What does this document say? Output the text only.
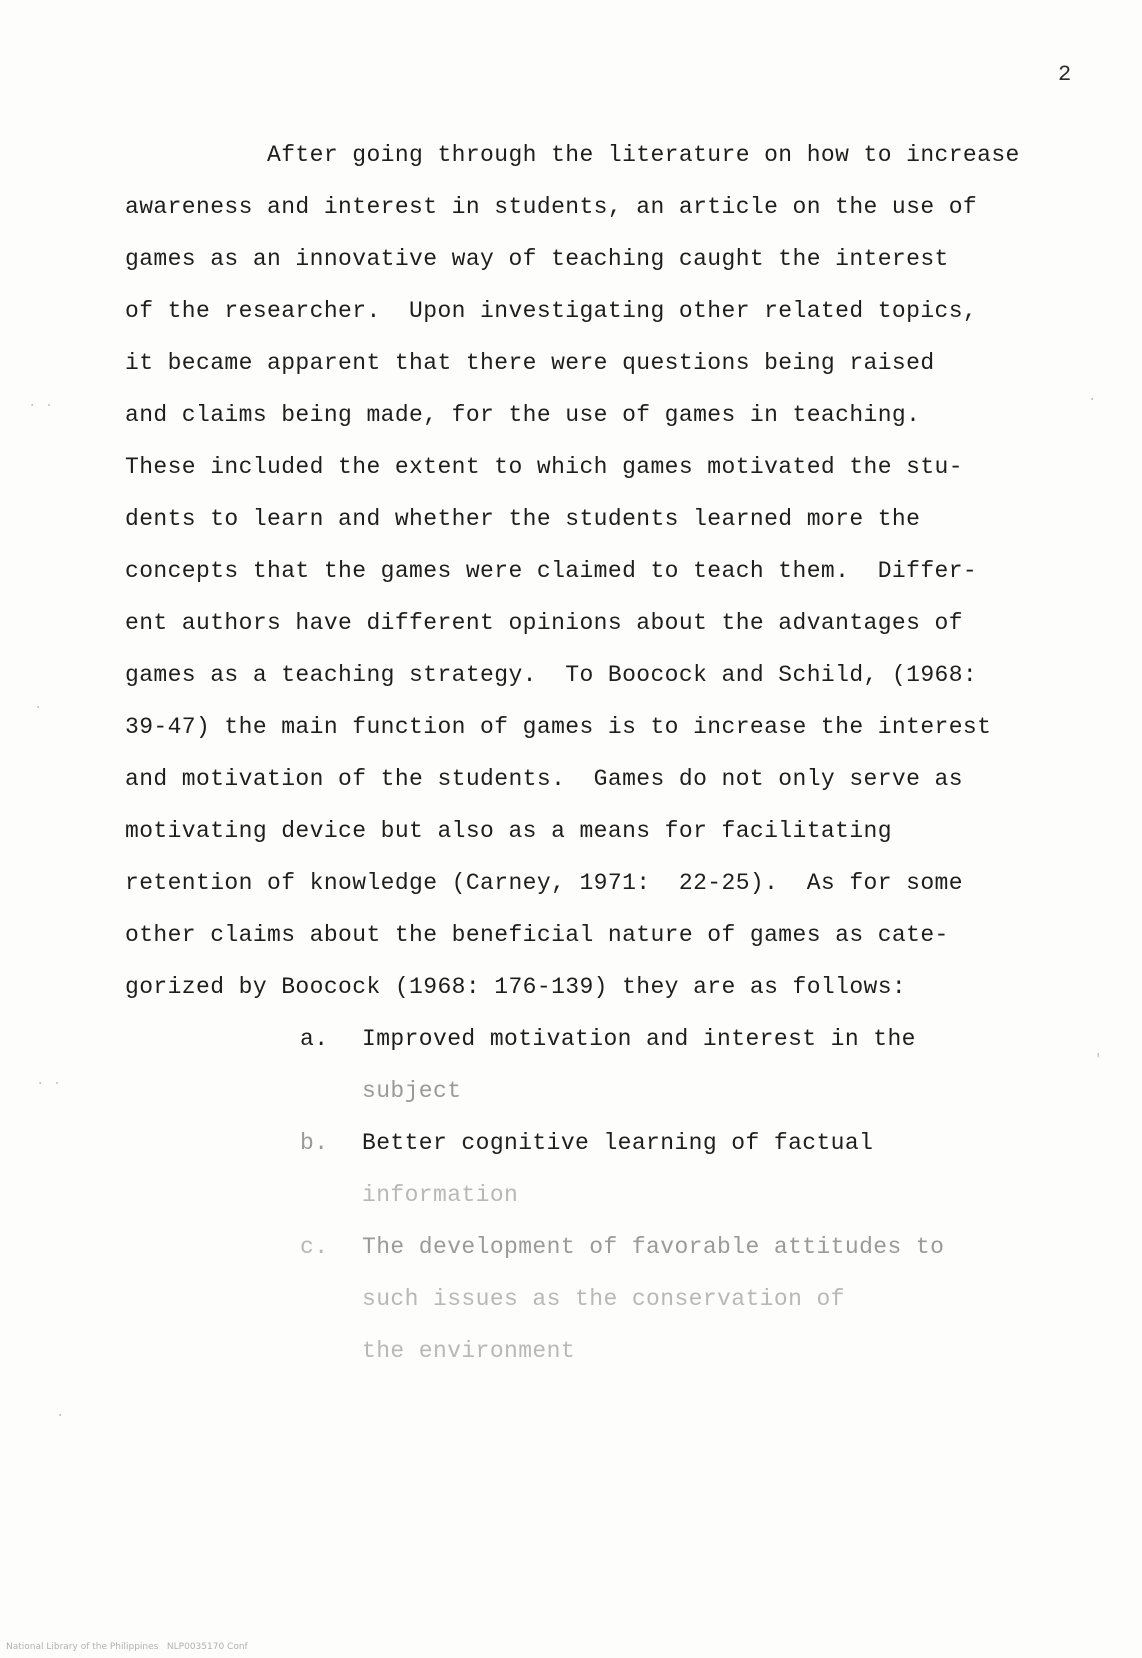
2
After going through the literature on how to increase
awareness and interest in students, an article on the use of
games as an innovative way of teaching caught the interest
of the researcher.  Upon investigating other related topics,
it became apparent that there were questions being raised
and claims being made, for the use of games in teaching.
These included the extent to which games motivated the stu-
dents to learn and whether the students learned more the
concepts that the games were claimed to teach them.  Differ-
ent authors have different opinions about the advantages of
games as a teaching strategy.  To Boocock and Schild, (1968:
39-47) the main function of games is to increase the interest
and motivation of the students.  Games do not only serve as
motivating device but also as a means for facilitating
retention of knowledge (Carney, 1971:  22-25).  As for some
other claims about the beneficial nature of games as cate-
gorized by Boocock (1968: 176-139) they are as follows:
a. Improved motivation and interest in the
subject
b. Better cognitive learning of factual
information
c. The development of favorable attitudes to
such issues as the conservation of
the environment
· ·	·
·
· ·
'
·
National Library of the Philippines   NLP0035170 Conf
